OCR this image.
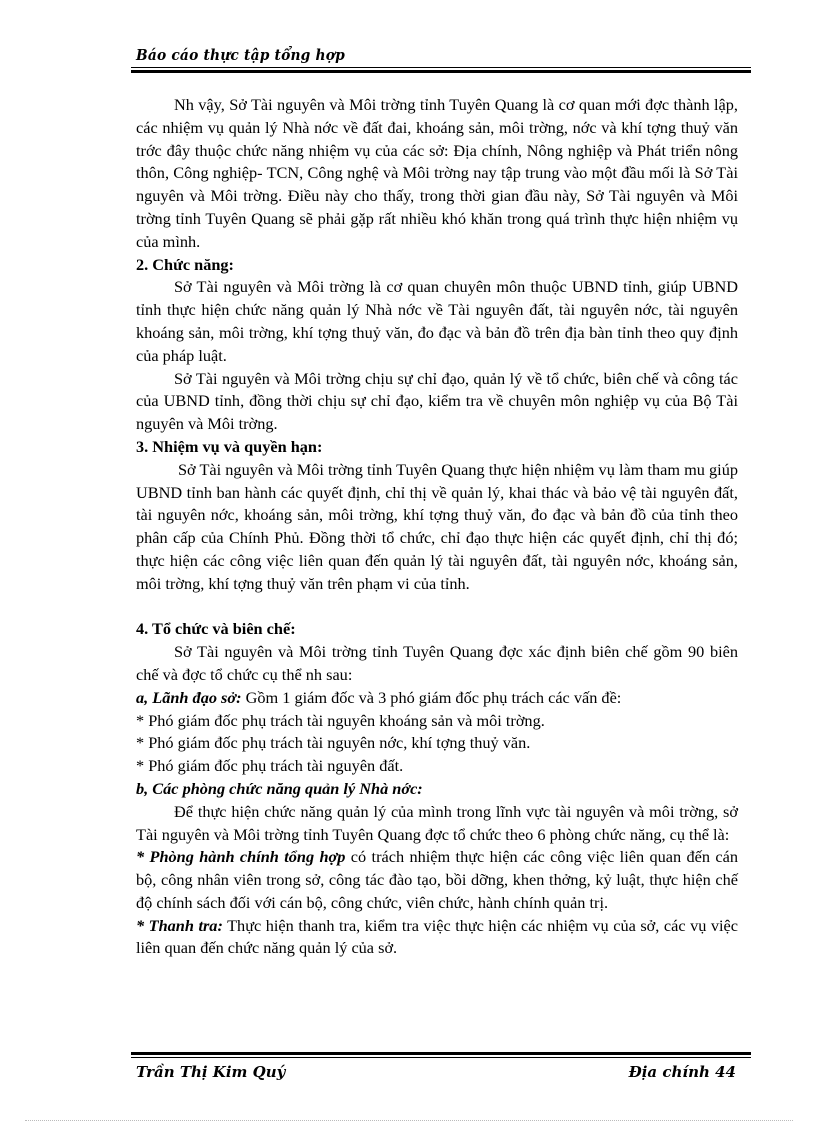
Báo cáo thực tập tổng hợp

Nh vậy, Sở Tài nguyên và Môi trờng tỉnh Tuyên Quang là cơ quan mới đợc thành lập, các nhiệm vụ quản lý Nhà nớc về đất đai, khoáng sản, môi trờng, nớc và khí tợng thuỷ văn trớc đây thuộc chức năng nhiệm vụ của các sở: Địa chính, Nông nghiệp và Phát triển nông thôn, Công nghiệp- TCN, Công nghệ và Môi trờng nay tập trung vào một đầu mối là Sở Tài nguyên và Môi trờng. Điều này cho thấy, trong thời gian đầu này, Sở Tài nguyên và Môi trờng tỉnh Tuyên Quang sẽ phải gặp rất nhiều khó khăn trong quá trình thực hiện nhiệm vụ của mình.

2. Chức năng:

Sở Tài nguyên và Môi trờng là cơ quan chuyên môn thuộc UBND tỉnh, giúp UBND tỉnh thực hiện chức năng quản lý Nhà nớc về Tài nguyên đất, tài nguyên nớc, tài nguyên khoáng sản, môi trờng, khí tợng thuỷ văn, đo đạc và bản đồ trên địa bàn tỉnh theo quy định của pháp luật.

Sở Tài nguyên và Môi trờng chịu sự chỉ đạo, quản lý về tổ chức, biên chế và công tác của UBND tỉnh, đồng thời chịu sự chỉ đạo, kiểm tra về chuyên môn nghiệp vụ của Bộ Tài nguyên và Môi trờng.

3. Nhiệm vụ và quyền hạn:

Sở Tài nguyên và Môi trờng tỉnh Tuyên Quang thực hiện nhiệm vụ làm tham mu giúp UBND tỉnh ban hành các quyết định, chỉ thị về quản lý, khai thác và bảo vệ tài nguyên đất, tài nguyên nớc, khoáng sản, môi trờng, khí tợng thuỷ văn, đo đạc và bản đồ của tỉnh theo phân cấp của Chính Phủ. Đồng thời tổ chức, chỉ đạo thực hiện các quyết định, chỉ thị đó; thực hiện các công việc liên quan đến quản lý tài nguyên đất, tài nguyên nớc, khoáng sản, môi trờng, khí tợng thuỷ văn trên phạm vi của tỉnh.

4. Tổ chức và biên chế:

Sở Tài nguyên và Môi trờng tỉnh Tuyên Quang đợc xác định biên chế gồm 90 biên chế và đợc tổ chức cụ thể nh sau:

a, Lãnh đạo sở: Gồm 1 giám đốc và 3 phó giám đốc phụ trách các vấn đề:

* Phó giám đốc phụ trách tài nguyên khoáng sản và môi trờng.

* Phó giám đốc phụ trách tài nguyên nớc, khí tợng thuỷ văn.

* Phó giám đốc phụ trách tài nguyên đất.

b, Các phòng chức năng quản lý Nhà nớc:

Để thực hiện chức năng quản lý của mình trong lĩnh vực tài nguyên và môi trờng, sở Tài nguyên và Môi trờng tỉnh Tuyên Quang đợc tổ chức theo 6 phòng chức năng, cụ thể là:

* Phòng hành chính tổng hợp có trách nhiệm thực hiện các công việc liên quan đến cán bộ, công nhân viên trong sở, công tác đào tạo, bồi dỡng, khen thởng, kỷ luật, thực hiện chế độ chính sách đối với cán bộ, công chức, viên chức, hành chính quản trị.

* Thanh tra: Thực hiện thanh tra, kiểm tra việc thực hiện các nhiệm vụ của sở, các vụ việc liên quan đến chức năng quản lý của sở.

Trần Thị Kim Quý	Địa chính 44
